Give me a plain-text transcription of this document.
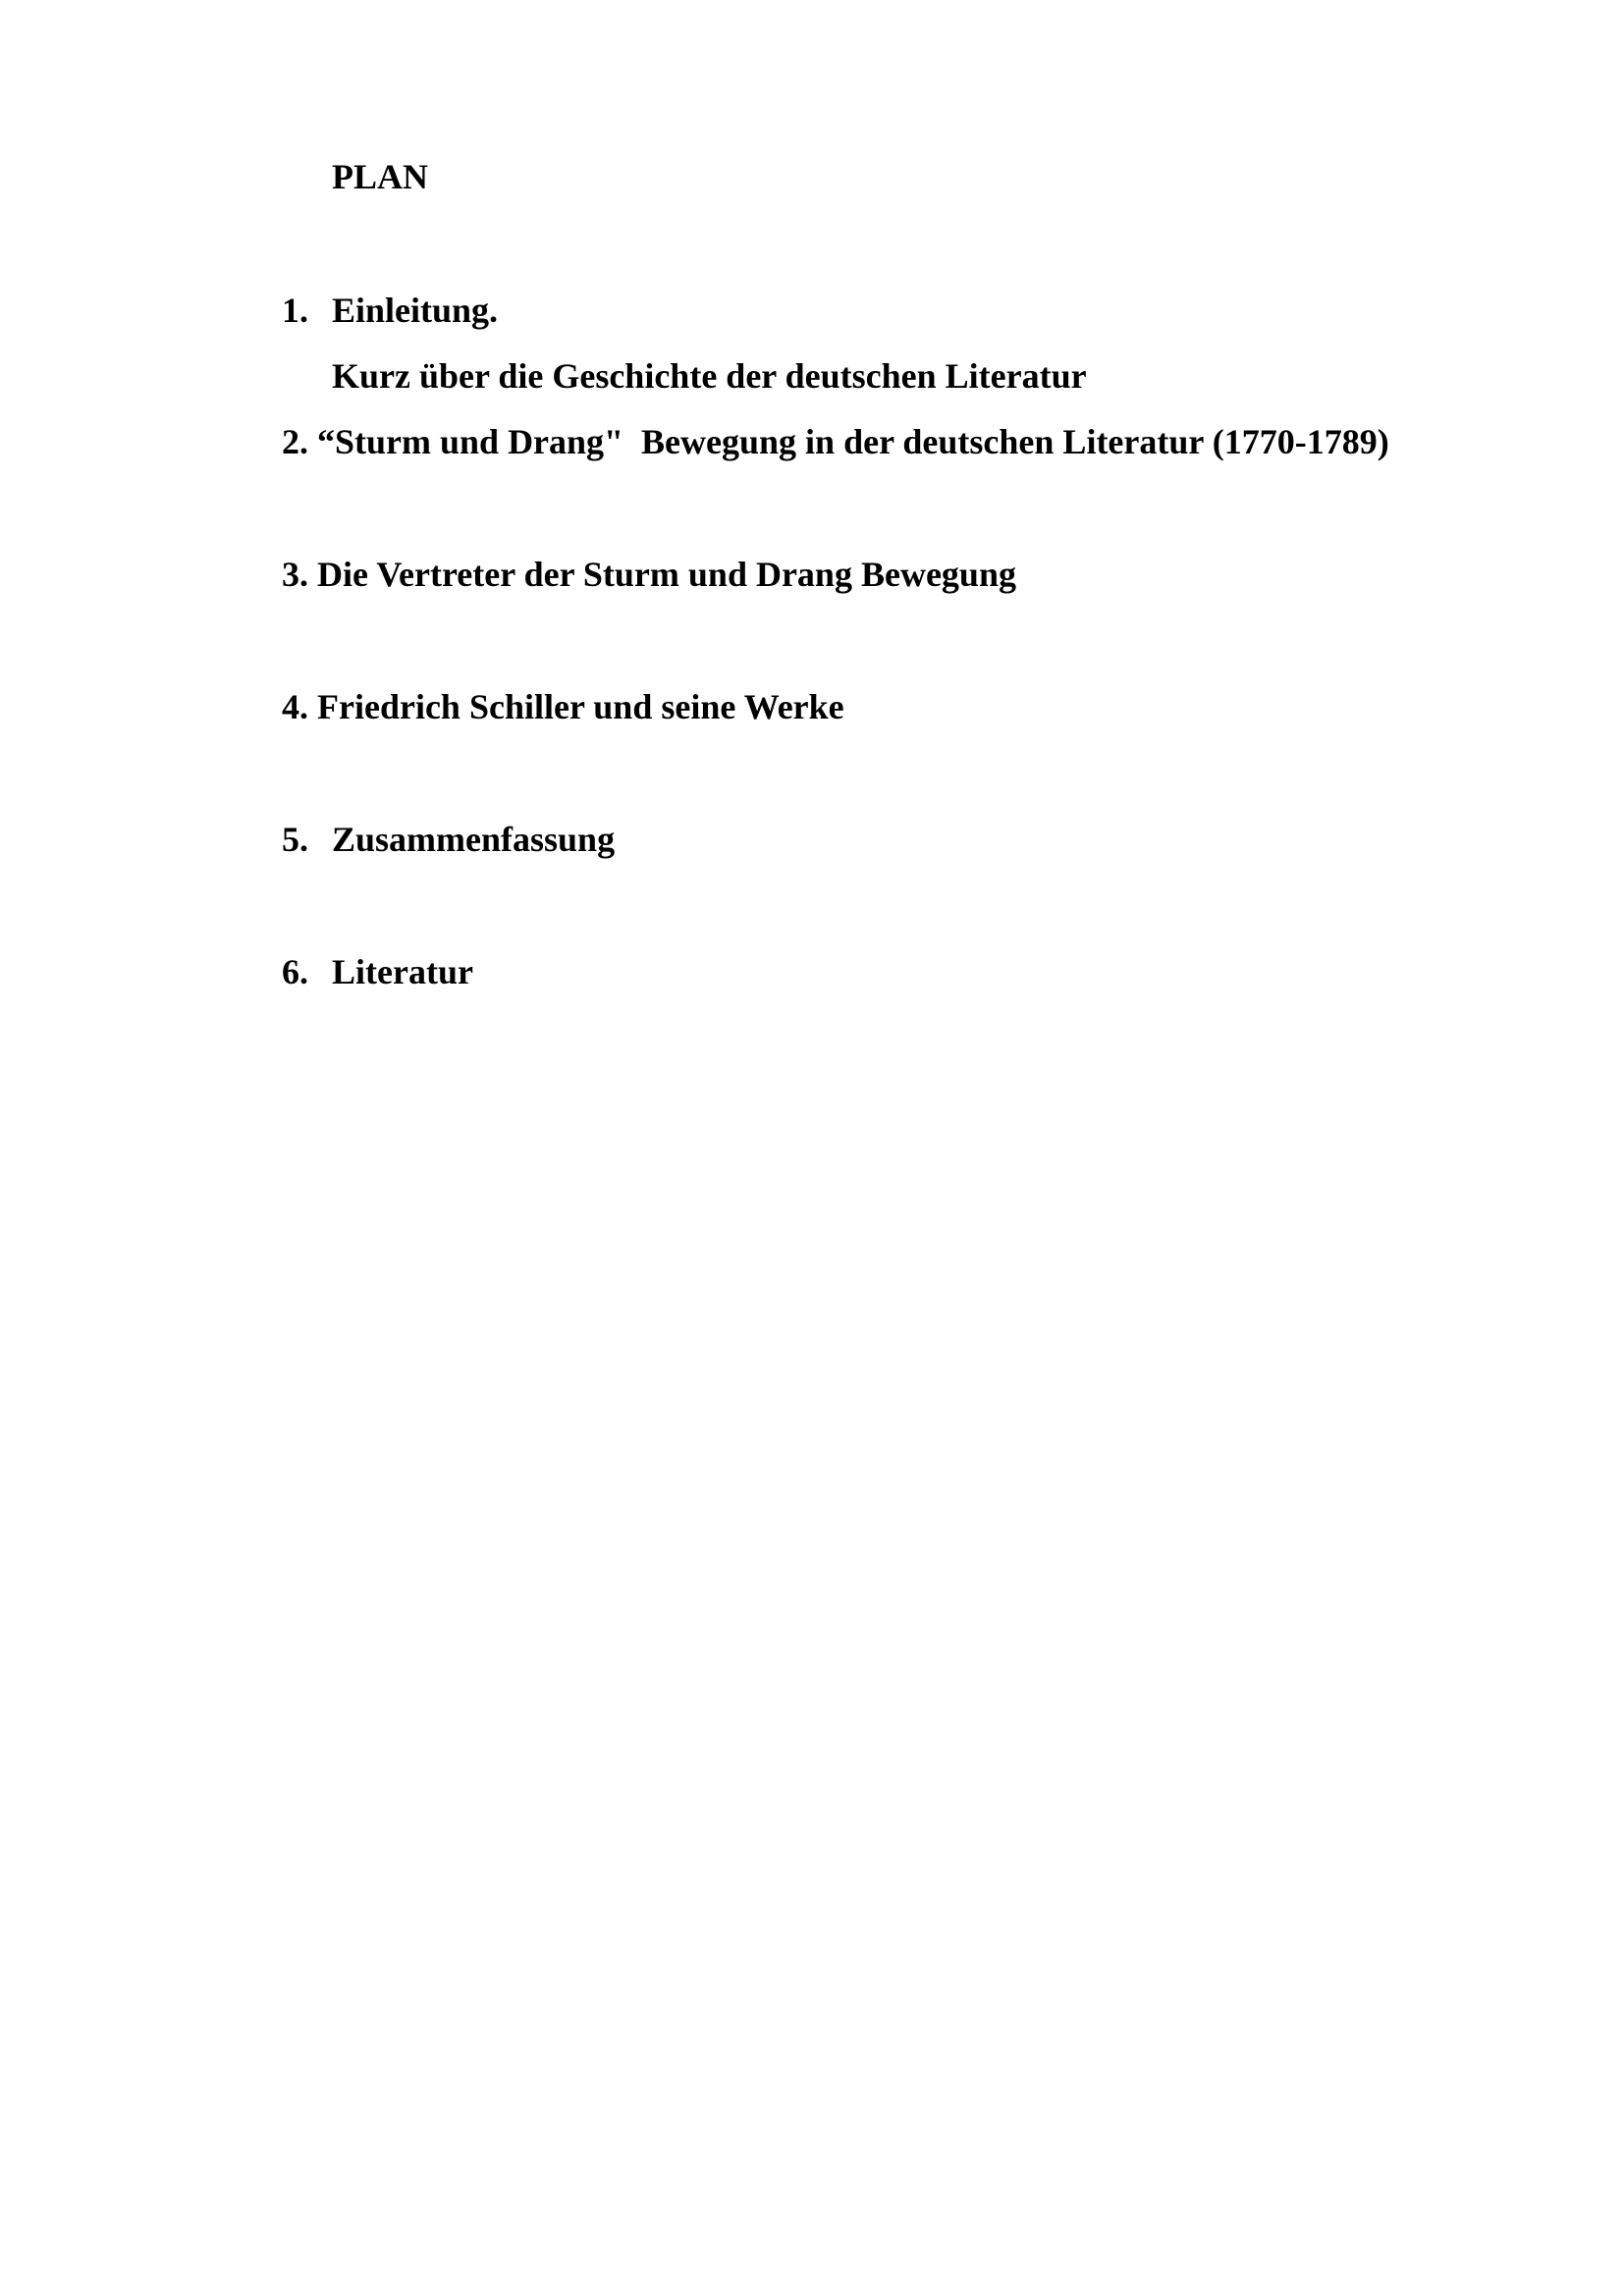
PLAN
1. Einleitung.
Kurz über die Geschichte der deutschen Literatur
2. “Sturm und Drang"  Bewegung in der deutschen Literatur (1770-1789)
3. Die Vertreter der Sturm und Drang Bewegung
4. Friedrich Schiller und seine Werke
5. Zusammenfassung
6. Literatur
